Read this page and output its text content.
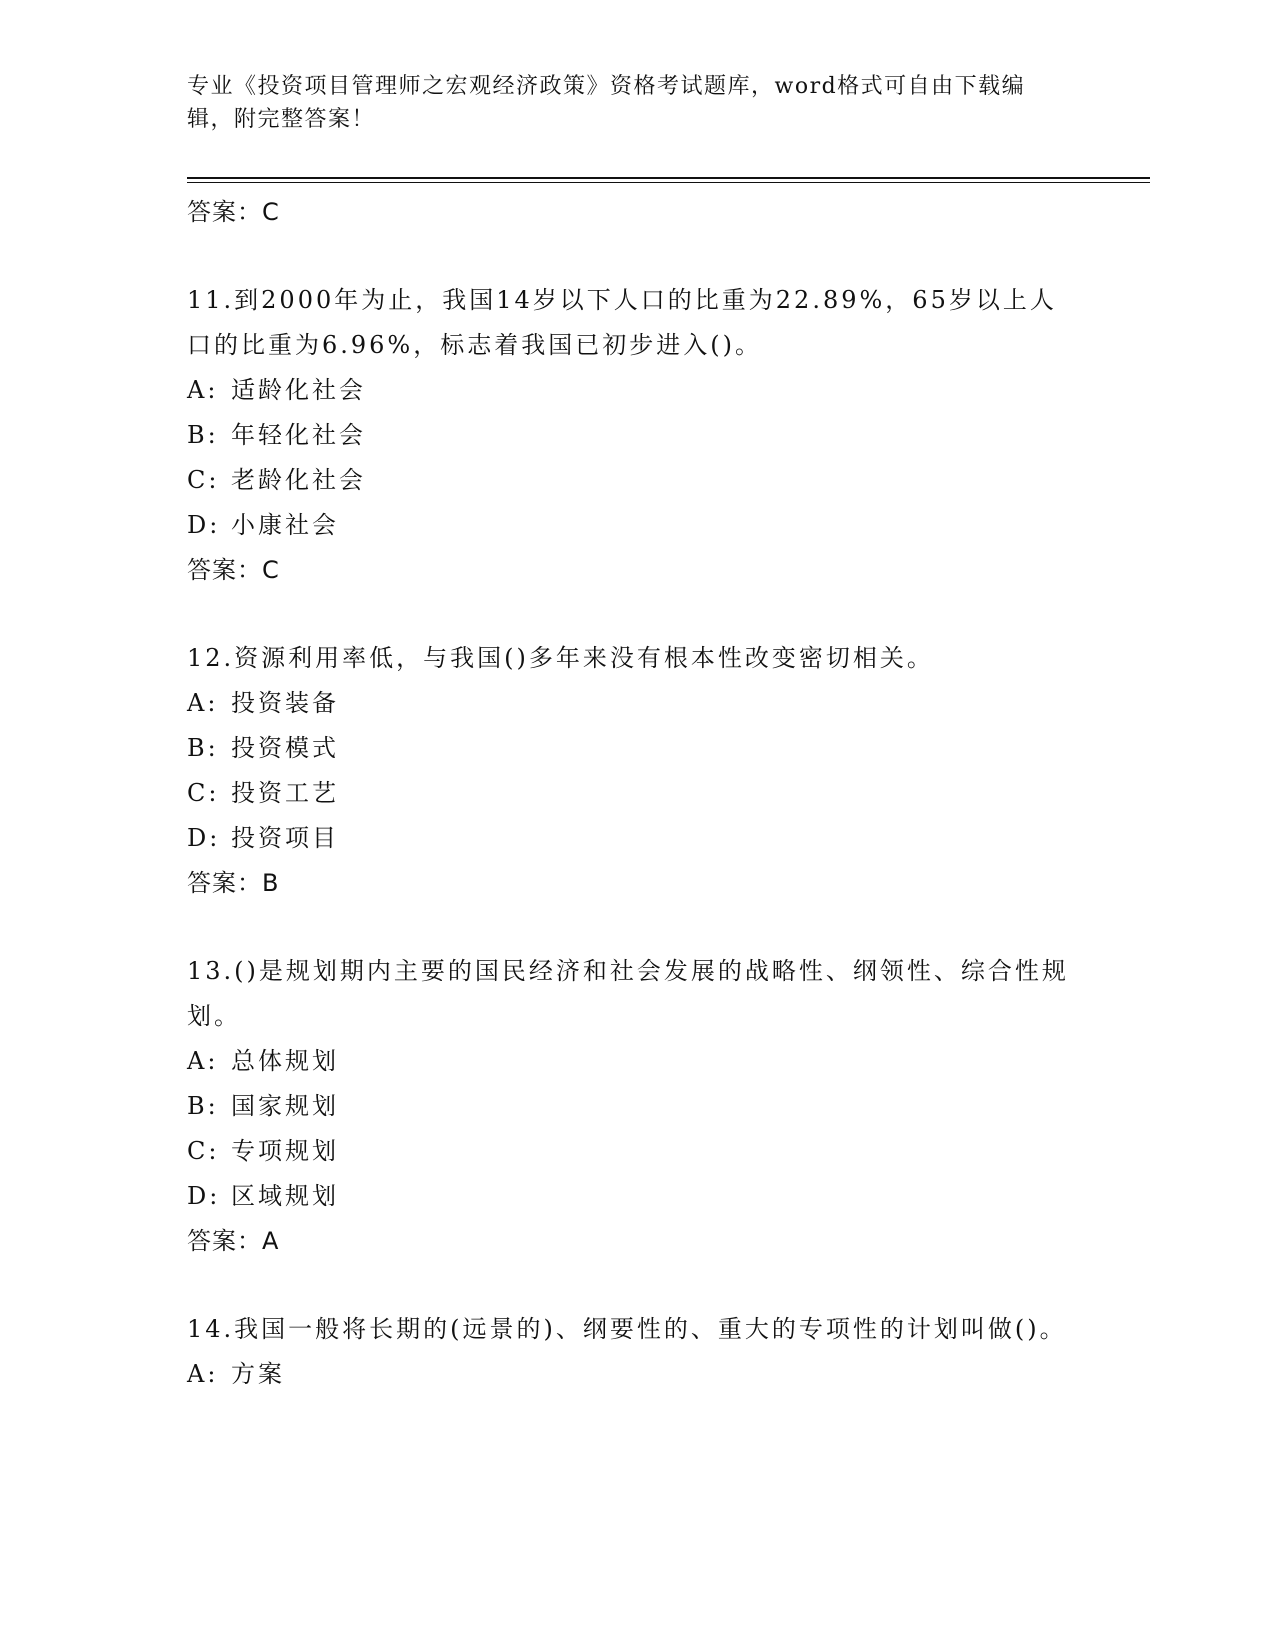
专业《投资项目管理师之宏观经济政策》资格考试题库，word格式可自由下载编
辑，附完整答案！
答案：C
11.到2000年为止，我国14岁以下人口的比重为22.89%，65岁以上人口的比重为6.96%，标志着我国已初步进入()。
A: 适龄化社会
B: 年轻化社会
C: 老龄化社会
D: 小康社会
答案：C
12.资源利用率低，与我国()多年来没有根本性改变密切相关。
A: 投资装备
B: 投资模式
C: 投资工艺
D: 投资项目
答案：B
13.()是规划期内主要的国民经济和社会发展的战略性、纲领性、综合性规划。
A: 总体规划
B: 国家规划
C: 专项规划
D: 区域规划
答案：A
14.我国一般将长期的(远景的)、纲要性的、重大的专项性的计划叫做()。
A: 方案
